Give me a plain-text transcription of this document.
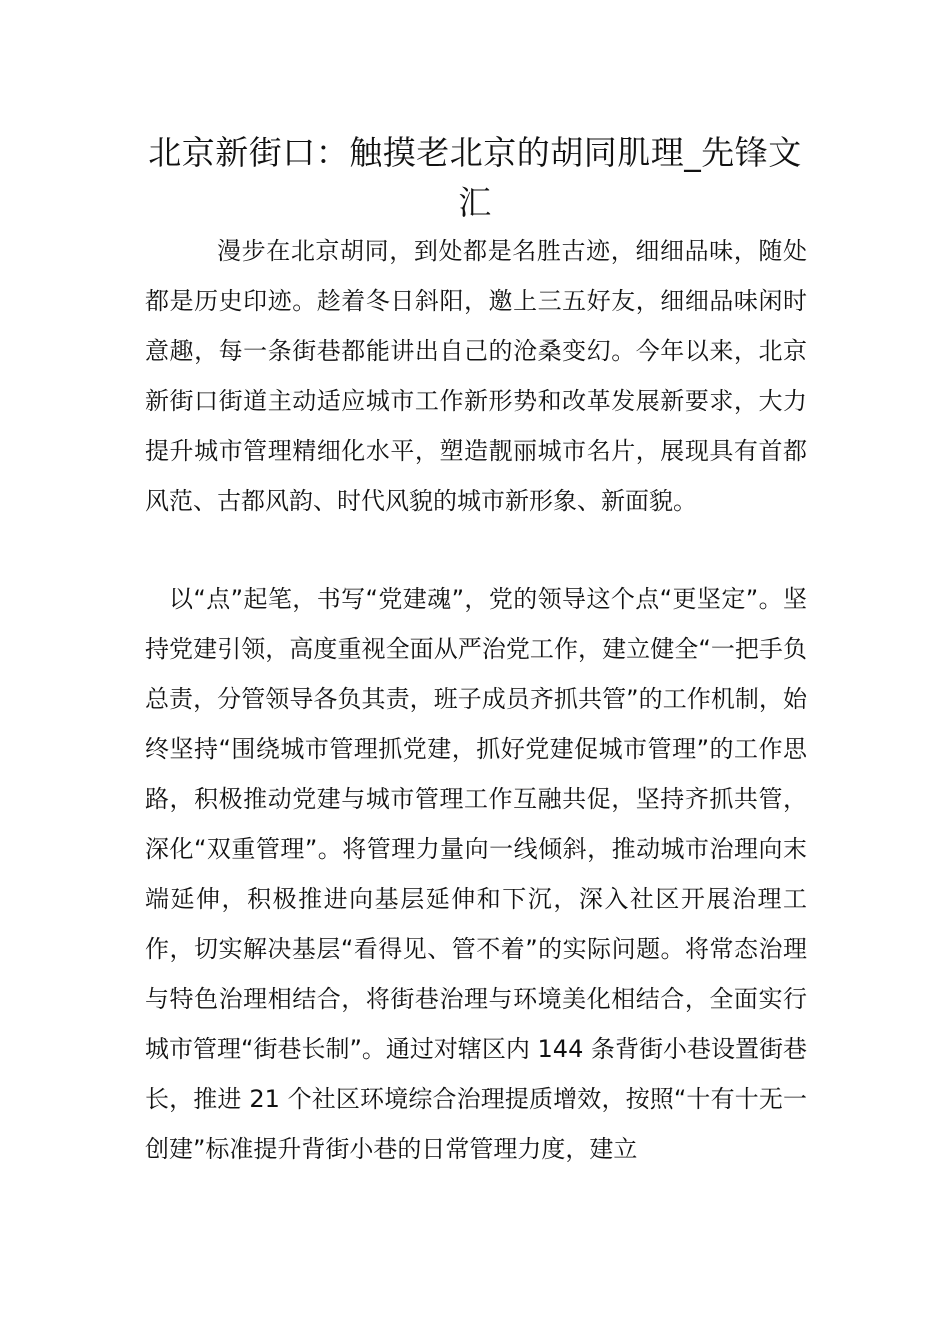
北京新街口：触摸老北京的胡同肌理_先锋文汇

漫步在北京胡同，到处都是名胜古迹，细细品味，随处都是历史印迹。趁着冬日斜阳，邀上三五好友，细细品味闲时意趣，每一条街巷都能讲出自己的沧桑变幻。今年以来，北京新街口街道主动适应城市工作新形势和改革发展新要求，大力提升城市管理精细化水平，塑造靓丽城市名片，展现具有首都风范、古都风韵、时代风貌的城市新形象、新面貌。

以“点”起笔，书写“党建魂”，党的领导这个点“更坚定”。坚持党建引领，高度重视全面从严治党工作，建立健全“一把手负总责，分管领导各负其责，班子成员齐抓共管”的工作机制，始终坚持“围绕城市管理抓党建，抓好党建促城市管理”的工作思路，积极推动党建与城市管理工作互融共促，坚持齐抓共管，深化“双重管理”。将管理力量向一线倾斜，推动城市治理向末端延伸，积极推进向基层延伸和下沉，深入社区开展治理工作，切实解决基层“看得见、管不着”的实际问题。将常态治理与特色治理相结合，将街巷治理与环境美化相结合，全面实行城市管理“街巷长制”。通过对辖区内 144 条背街小巷设置街巷长，推进 21 个社区环境综合治理提质增效，按照“十有十无一创建”标准提升背街小巷的日常管理力度，建立
